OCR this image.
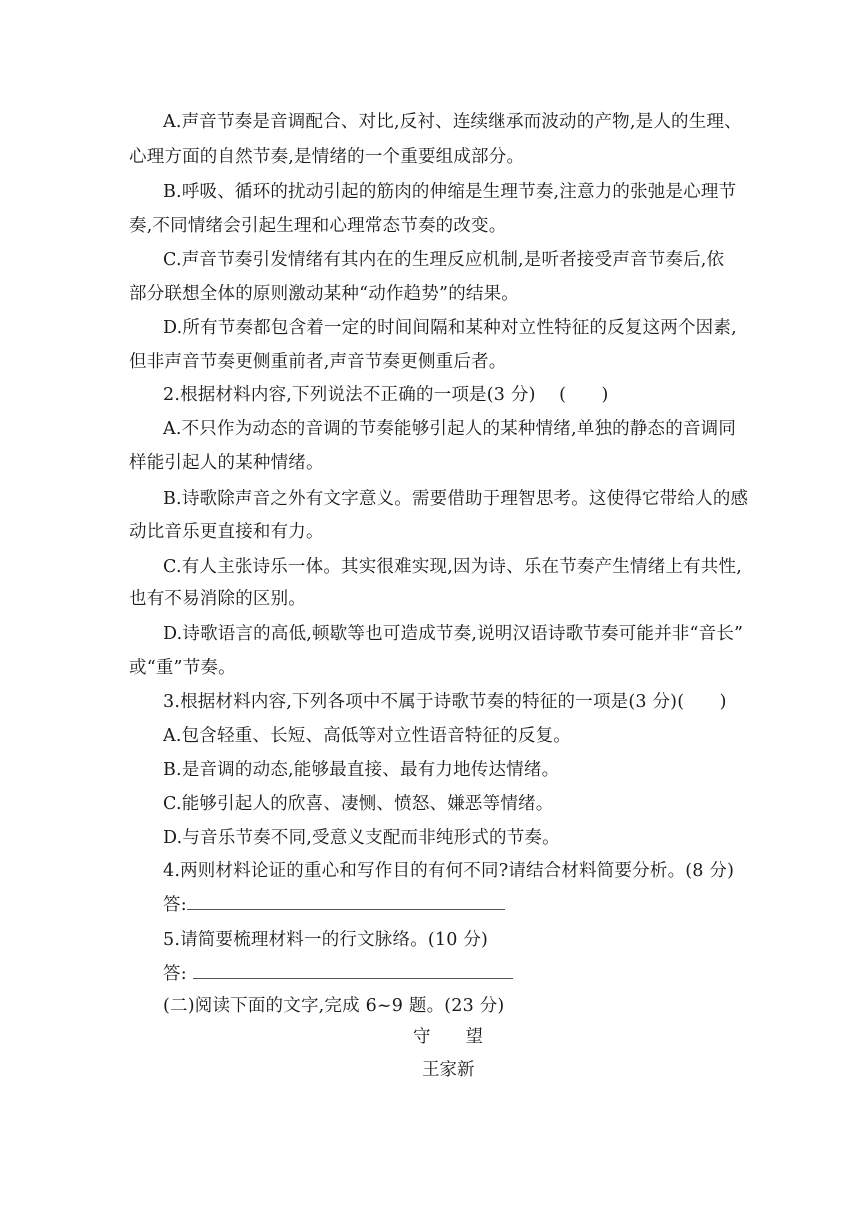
A.声音节奏是音调配合、对比,反衬、连续继承而波动的产物,是人的生理、
心理方面的自然节奏,是情绪的一个重要组成部分。
B.呼吸、循环的扰动引起的筋肉的伸缩是生理节奏,注意力的张弛是心理节
奏,不同情绪会引起生理和心理常态节奏的改变。
C.声音节奏引发情绪有其内在的生理反应机制,是听者接受声音节奏后,依
部分联想全体的原则激动某种“动作趋势”的结果。
D.所有节奏都包含着一定的时间间隔和某种对立性特征的反复这两个因素,
但非声音节奏更侧重前者,声音节奏更侧重后者。
2.根据材料内容,下列说法不正确的一项是(3 分)　 (　　)
A.不只作为动态的音调的节奏能够引起人的某种情绪,单独的静态的音调同
样能引起人的某种情绪。
B.诗歌除声音之外有文字意义。需要借助于理智思考。这使得它带给人的感
动比音乐更直接和有力。
C.有人主张诗乐一体。其实很难实现,因为诗、乐在节奏产生情绪上有共性,
也有不易消除的区别。
D.诗歌语言的高低,顿歇等也可造成节奏,说明汉语诗歌节奏可能并非“音长”
或“重”节奏。
3.根据材料内容,下列各项中不属于诗歌节奏的特征的一项是(3 分)(　　)
A.包含轻重、长短、高低等对立性语音特征的反复。
B.是音调的动态,能够最直接、最有力地传达情绪。
C.能够引起人的欣喜、凄恻、愤怒、嫌恶等情绪。
D.与音乐节奏不同,受意义支配而非纯形式的节奏。
4.两则材料论证的重心和写作目的有何不同?请结合材料简要分析。(8 分)
答:
5.请简要梳理材料一的行文脉络。(10 分)
答:
(二)阅读下面的文字,完成 6~9 题。(23 分)
守　　望
王家新
